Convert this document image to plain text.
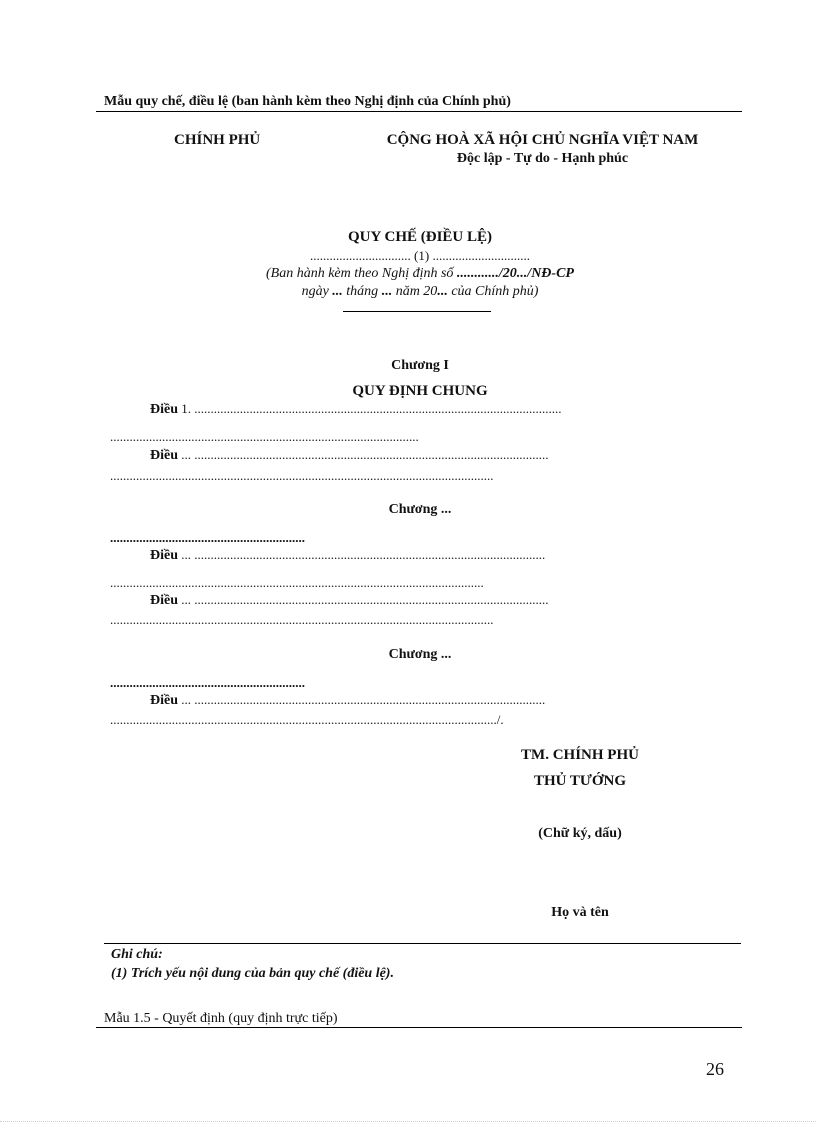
Mẫu quy chế, điều lệ (ban hành kèm theo Nghị định của Chính phủ)
CHÍNH PHỦ	CỘNG HOÀ XÃ HỘI CHỦ NGHĨA VIỆT NAM
Độc lập - Tự do - Hạnh phúc
QUY CHẾ (ĐIỀU LỆ)
............................... (1) ..............................
(Ban hành kèm theo Nghị định số ............/20.../NĐ-CP
ngày ... tháng ... năm 20... của Chính phủ)
Chương I
QUY ĐỊNH CHUNG
Điều 1. .................................................................................................................
...............................................................................................
Điều ... .............................................................................................................
......................................................................................................................
Chương ...
............................................................
Điều ... ............................................................................................................
...................................................................................................................
Điều ... .............................................................................................................
......................................................................................................................
Chương ...
............................................................
Điều ... ............................................................................................................
......................................................................................................................./.
TM. CHÍNH PHỦ
THỦ TƯỚNG
(Chữ ký, dấu)
Họ và tên
Ghi chú:
(1) Trích yếu nội dung của bản quy chế (điều lệ).
Mẫu 1.5 - Quyết định (quy định trực tiếp)
26
